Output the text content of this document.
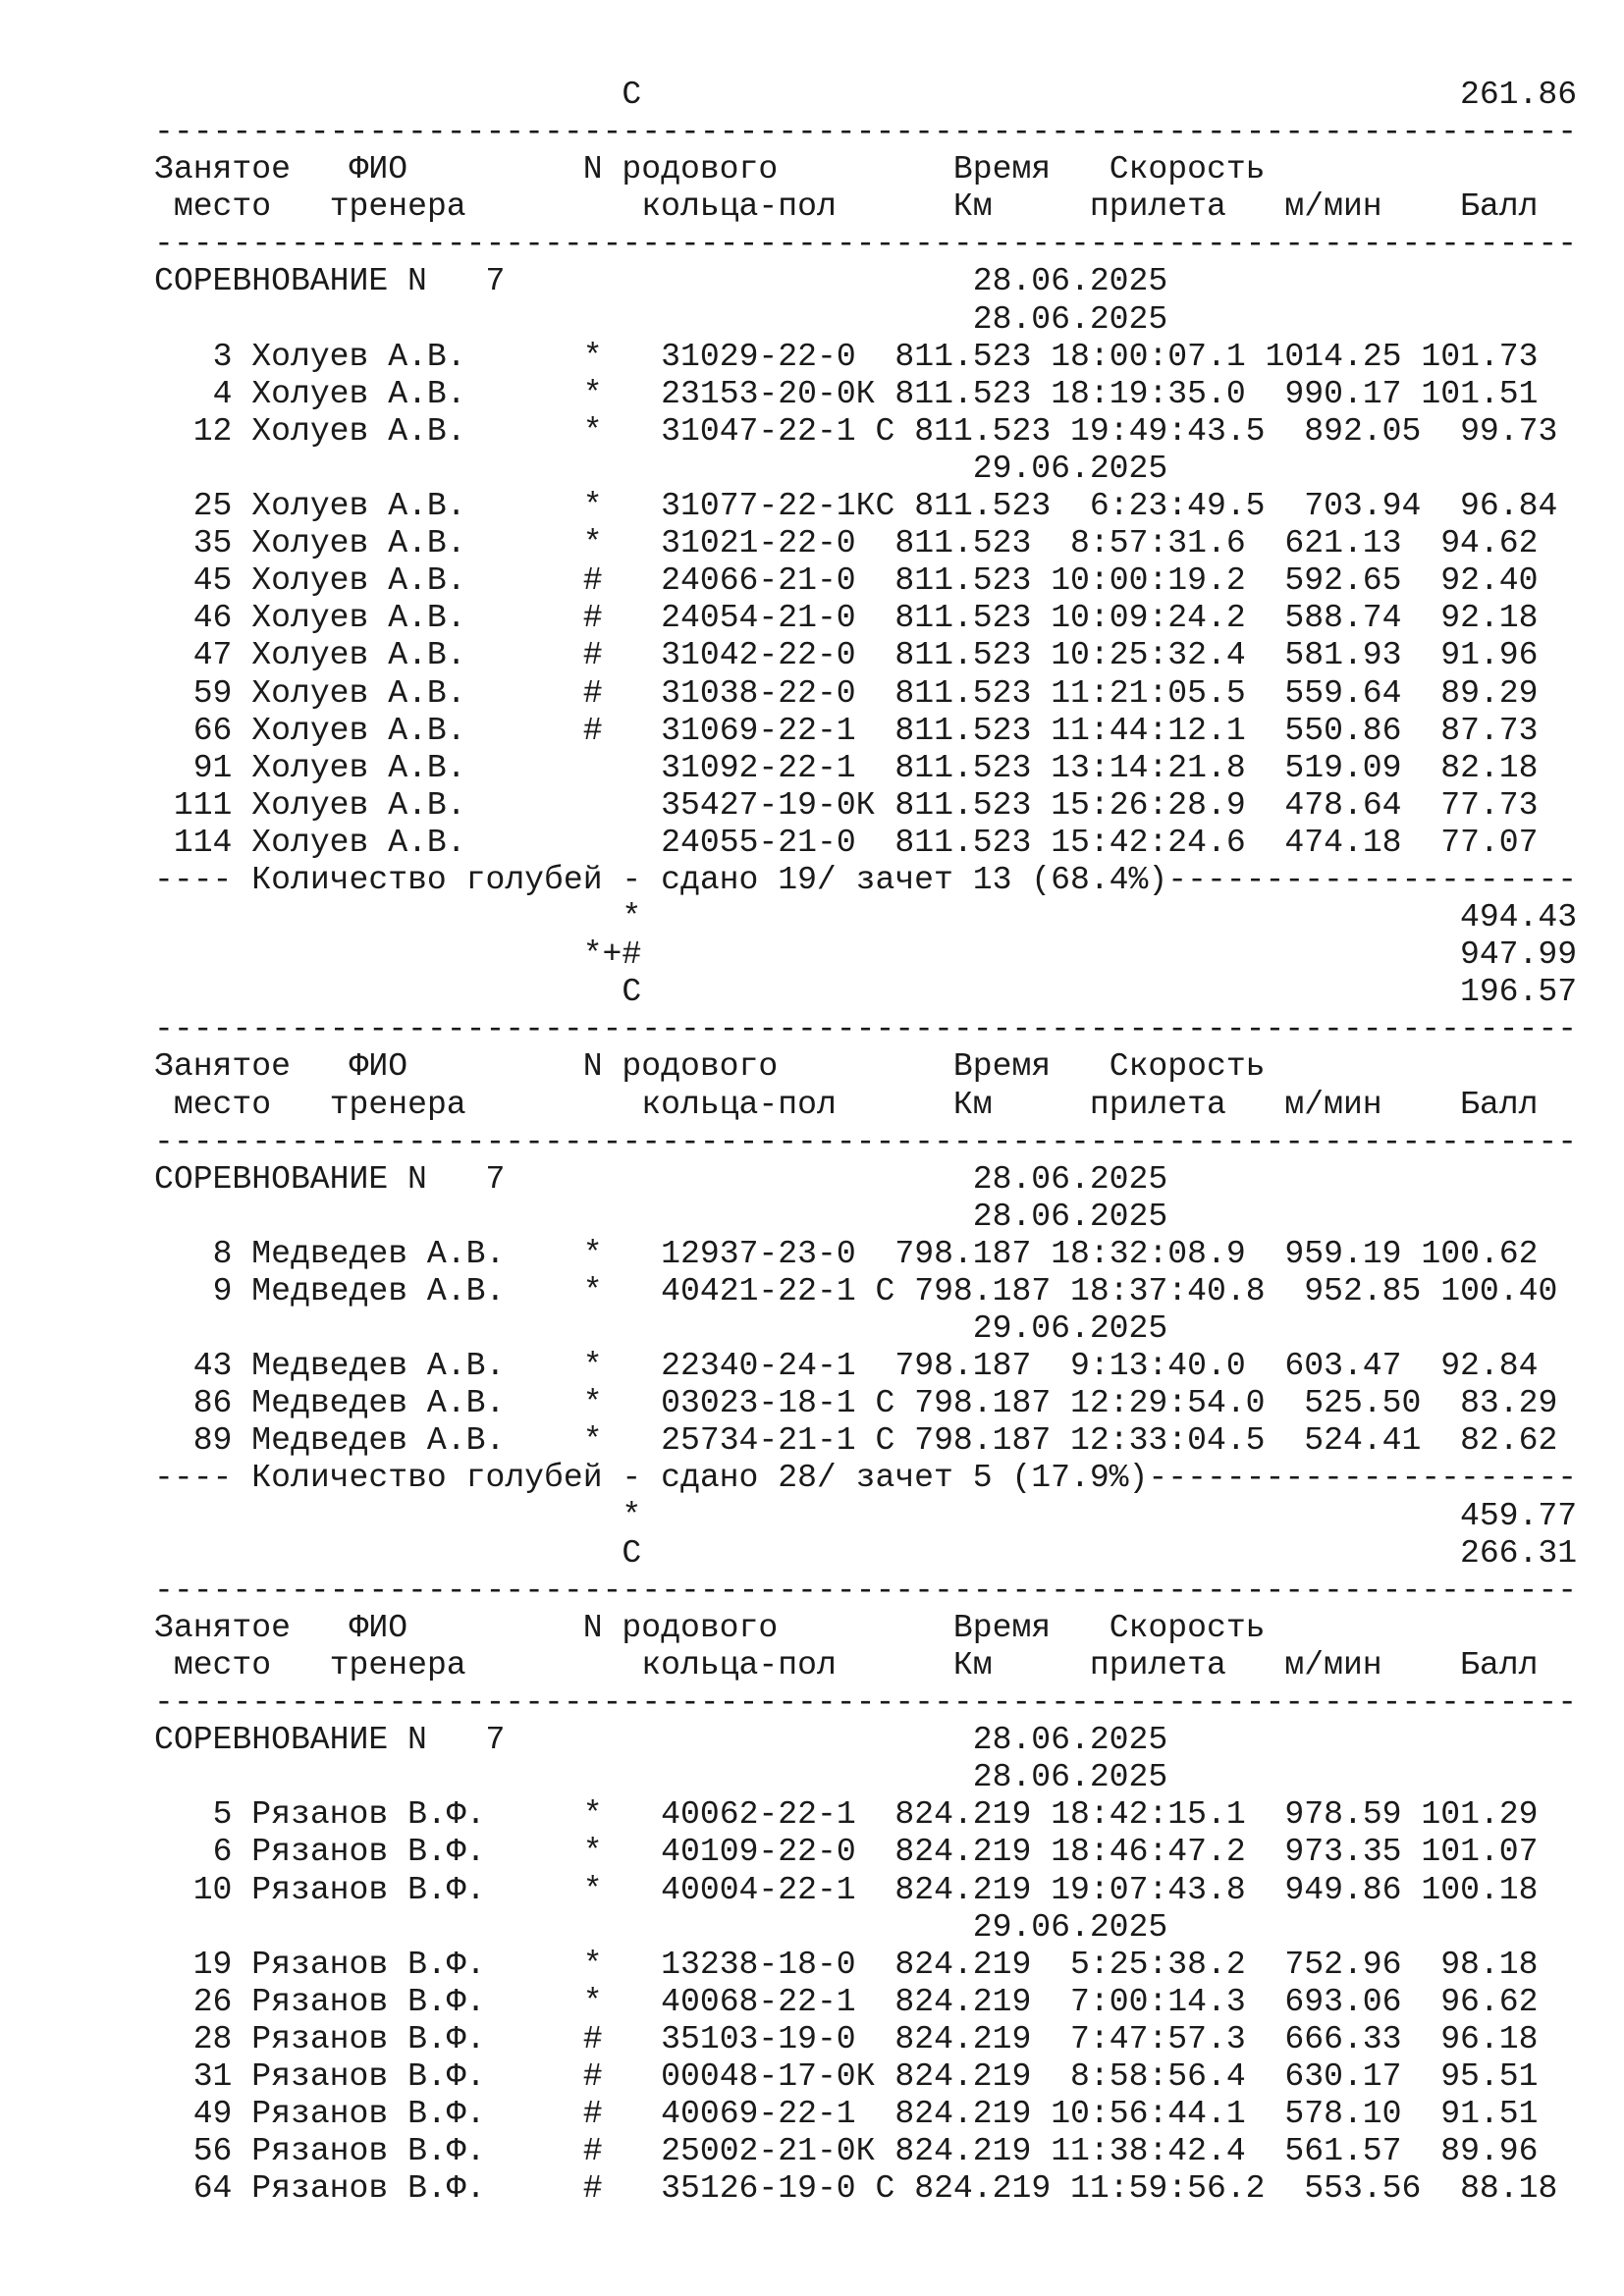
C	261.86
-------------------------------------------------------------------------
Занятое ФИО	N родового	Время Скорость
место тренера	кольца-пол	Км	прилета м/мин Балл
-------------------------------------------------------------------------
СОРЕВНОВАНИЕ N   7	28.06.2025
28.06.2025
3 Холуев А.В.	* 31029-22-0 811.523 18:00:07.1 1014.25 101.73
4 Холуев А.В.	* 23153-20-0К 811.523 18:19:35.0 990.17 101.51
12 Холуев А.В.	* 31047-22-1 С 811.523 19:49:43.5 892.05 99.73
29.06.2025
25 Холуев А.В.	* 31077-22-1КС 811.523 6:23:49.5 703.94 96.84
35 Холуев А.В.	* 31021-22-0 811.523 8:57:31.6 621.13 94.62
45 Холуев А.В.	# 24066-21-0 811.523 10:00:19.2 592.65 92.40
46 Холуев А.В.	# 24054-21-0 811.523 10:09:24.2 588.74 92.18
47 Холуев А.В.	# 31042-22-0 811.523 10:25:32.4 581.93 91.96
59 Холуев А.В.	# 31038-22-0 811.523 11:21:05.5 559.64 89.29
66 Холуев А.В.	# 31069-22-1 811.523 11:44:12.1 550.86 87.73
91 Холуев А.В.	31092-22-1 811.523 13:14:21.8 519.09 82.18
111 Холуев А.В.	35427-19-0К 811.523 15:26:28.9 478.64 77.73
114 Холуев А.В.	24055-21-0 811.523 15:42:24.6 474.18 77.07
---- Количество голубей - сдано 19/ зачет 13 (68.4%)---------------------
*	494.43
*+#	947.99
С	196.57
-------------------------------------------------------------------------
Занятое ФИО	N родового	Время Скорость
место тренера	кольца-пол	Км	прилета м/мин Балл
-------------------------------------------------------------------------
СОРЕВНОВАНИЕ N   7	28.06.2025
28.06.2025
8 Медведев А.В. * 12937-23-0 798.187 18:32:08.9 959.19 100.62
9 Медведев А.В. * 40421-22-1 С 798.187 18:37:40.8 952.85 100.40
29.06.2025
43 Медведев А.В. * 22340-24-1 798.187 9:13:40.0 603.47 92.84
86 Медведев А.В. * 03023-18-1 С 798.187 12:29:54.0 525.50 83.29
89 Медведев А.В. * 25734-21-1 С 798.187 12:33:04.5 524.41 82.62
---- Количество голубей - сдано 28/ зачет 5 (17.9%)----------------------
*	459.77
С	266.31
-------------------------------------------------------------------------
Занятое ФИО	N родового	Время Скорость
место тренера	кольца-пол	Км	прилета м/мин Балл
-------------------------------------------------------------------------
СОРЕВНОВАНИЕ N   7	28.06.2025
28.06.2025
5 Рязанов В.Ф.	* 40062-22-1 824.219 18:42:15.1 978.59 101.29
6 Рязанов В.Ф.	* 40109-22-0 824.219 18:46:47.2 973.35 101.07
10 Рязанов В.Ф.	* 40004-22-1 824.219 19:07:43.8 949.86 100.18
29.06.2025
19 Рязанов В.Ф.	* 13238-18-0 824.219 5:25:38.2 752.96 98.18
26 Рязанов В.Ф.	* 40068-22-1 824.219 7:00:14.3 693.06 96.62
28 Рязанов В.Ф.	# 35103-19-0 824.219 7:47:57.3 666.33 96.18
31 Рязанов В.Ф.	# 00048-17-0К 824.219 8:58:56.4 630.17 95.51
49 Рязанов В.Ф.	# 40069-22-1 824.219 10:56:44.1 578.10 91.51
56 Рязанов В.Ф.	# 25002-21-0К 824.219 11:38:42.4 561.57 89.96
64 Рязанов В.Ф.	# 35126-19-0 С 824.219 11:59:56.2 553.56 88.18
